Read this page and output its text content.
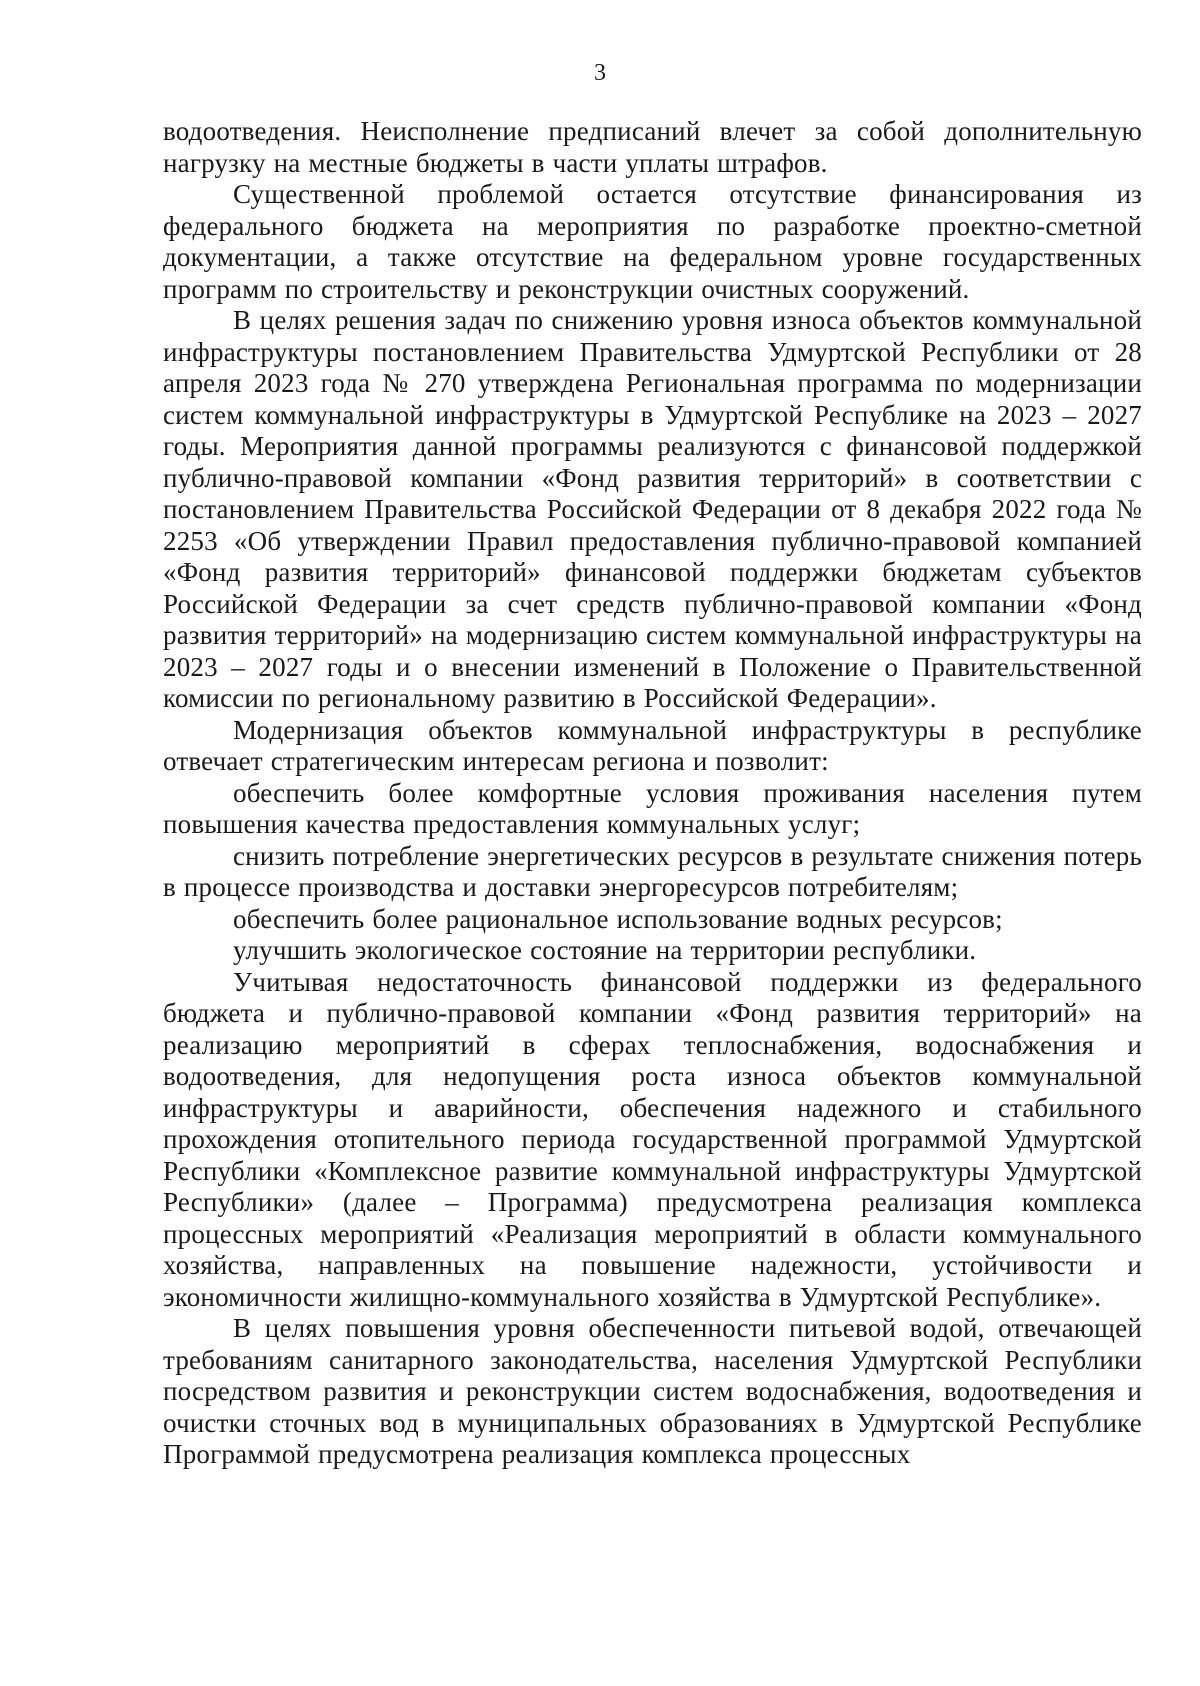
3

водоотведения. Неисполнение предписаний влечет за собой дополнительную нагрузку на местные бюджеты в части уплаты штрафов.

Существенной проблемой остается отсутствие финансирования из федерального бюджета на мероприятия по разработке проектно-сметной документации, а также отсутствие на федеральном уровне государственных программ по строительству и реконструкции очистных сооружений.

В целях решения задач по снижению уровня износа объектов коммунальной инфраструктуры постановлением Правительства Удмуртской Республики от 28 апреля 2023 года № 270 утверждена Региональная программа по модернизации систем коммунальной инфраструктуры в Удмуртской Республике на 2023 – 2027 годы. Мероприятия данной программы реализуются с финансовой поддержкой публично-правовой компании «Фонд развития территорий» в соответствии с постановлением Правительства Российской Федерации от 8 декабря 2022 года № 2253 «Об утверждении Правил предоставления публично-правовой компанией «Фонд развития территорий» финансовой поддержки бюджетам субъектов Российской Федерации за счет средств публично-правовой компании «Фонд развития территорий» на модернизацию систем коммунальной инфраструктуры на 2023 – 2027 годы и о внесении изменений в Положение о Правительственной комиссии по региональному развитию в Российской Федерации».

Модернизация объектов коммунальной инфраструктуры в республике отвечает стратегическим интересам региона и позволит:

обеспечить более комфортные условия проживания населения путем повышения качества предоставления коммунальных услуг;

снизить потребление энергетических ресурсов в результате снижения потерь в процессе производства и доставки энергоресурсов потребителям;

обеспечить более рациональное использование водных ресурсов;

улучшить экологическое состояние на территории республики.

Учитывая недостаточность финансовой поддержки из федерального бюджета и публично-правовой компании «Фонд развития территорий» на реализацию мероприятий в сферах теплоснабжения, водоснабжения и водоотведения, для недопущения роста износа объектов коммунальной инфраструктуры и аварийности, обеспечения надежного и стабильного прохождения отопительного периода государственной программой Удмуртской Республики «Комплексное развитие коммунальной инфраструктуры Удмуртской Республики» (далее – Программа) предусмотрена реализация комплекса процессных мероприятий «Реализация мероприятий в области коммунального хозяйства, направленных на повышение надежности, устойчивости и экономичности жилищно-коммунального хозяйства в Удмуртской Республике».

В целях повышения уровня обеспеченности питьевой водой, отвечающей требованиям санитарного законодательства, населения Удмуртской Республики посредством развития и реконструкции систем водоснабжения, водоотведения и очистки сточных вод в муниципальных образованиях в Удмуртской Республике Программой предусмотрена реализация комплекса процессных
